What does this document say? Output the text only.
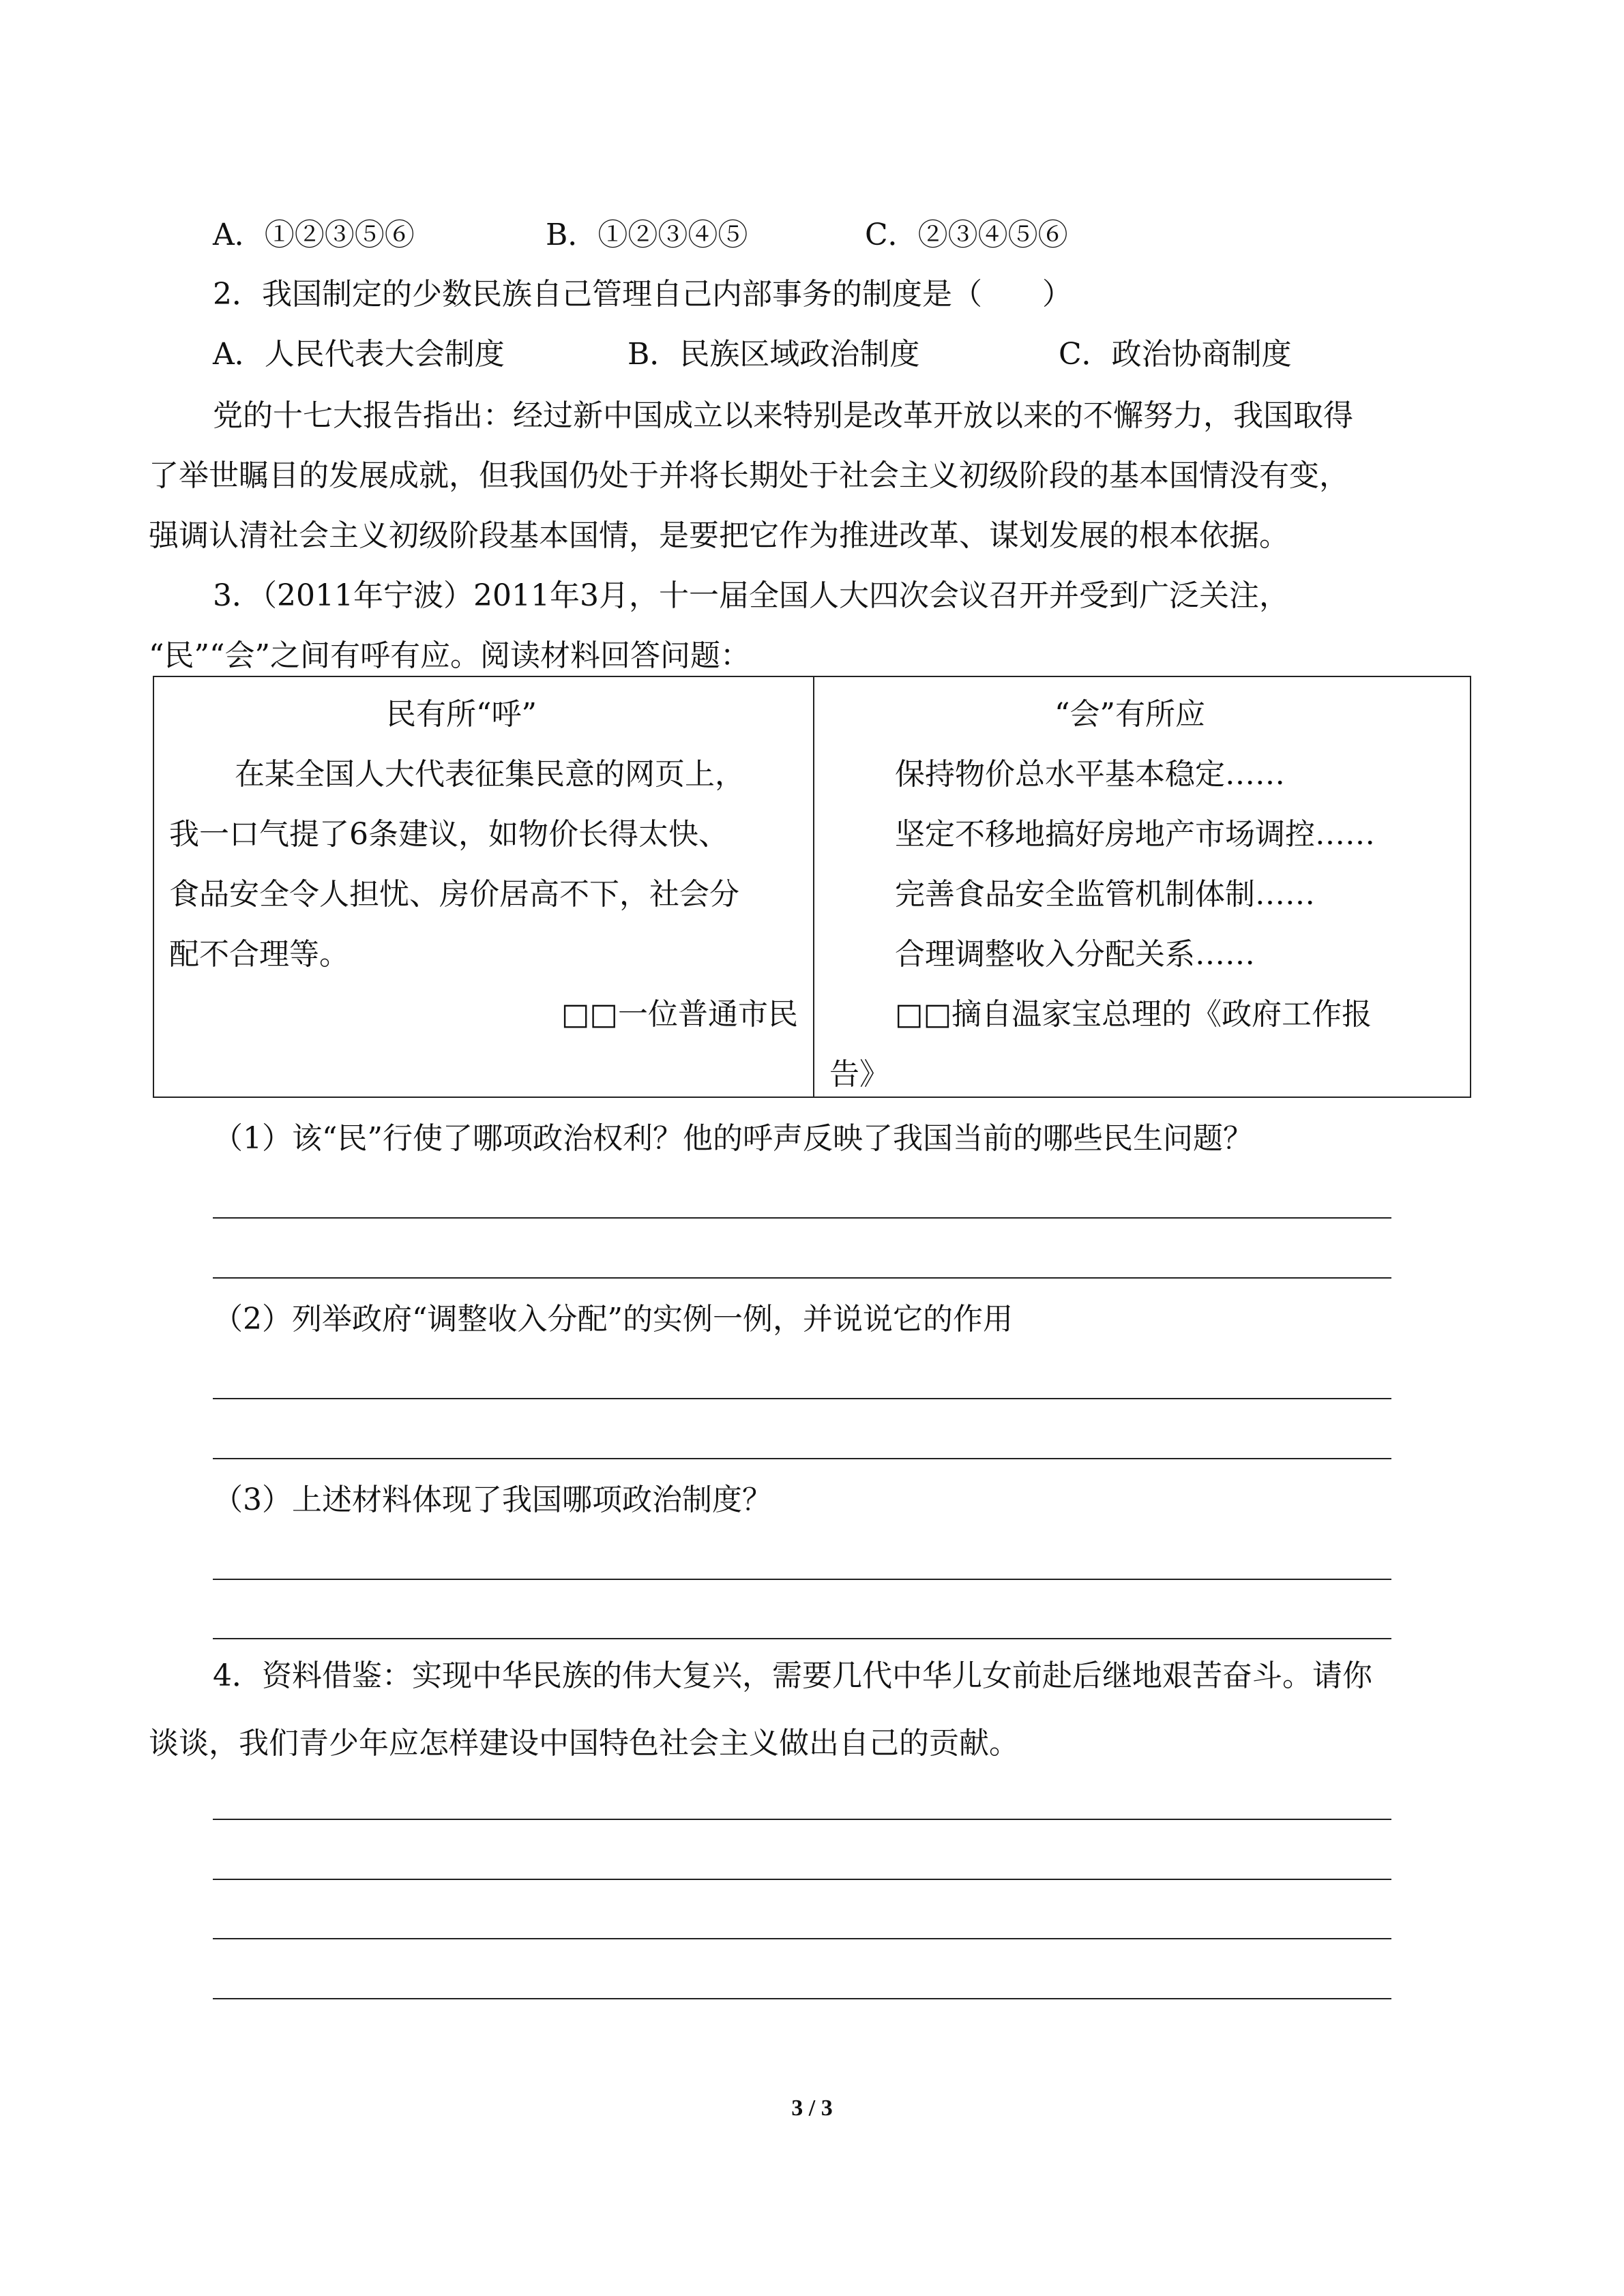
A．①②③⑤⑥	B．①②③④⑤	C．②③④⑤⑥
2．我国制定的少数民族自己管理自己内部事务的制度是（　　）
A．人民代表大会制度	B．民族区域政治制度	C．政治协商制度
党的十七大报告指出：经过新中国成立以来特别是改革开放以来的不懈努力，我国取得
了举世瞩目的发展成就，但我国仍处于并将长期处于社会主义初级阶段的基本国情没有变，
强调认清社会主义初级阶段基本国情，是要把它作为推进改革、谋划发展的根本依据。
3．（2011年宁波）2011年3月，十一届全国人大四次会议召开并受到广泛关注，
“民”“会”之间有呼有应。阅读材料回答问题：
民有所“呼”
在某全国人大代表征集民意的网页上，
我一口气提了6条建议，如物价长得太快、
食品安全令人担忧、房价居高不下，社会分
配不合理等。
□□一位普通市民

“会”有所应
保持物价总水平基本稳定……
坚定不移地搞好房地产市场调控……
完善食品安全监管机制体制……
合理调整收入分配关系……
□□摘自温家宝总理的《政府工作报
告》
（1）该“民”行使了哪项政治权利？他的呼声反映了我国当前的哪些民生问题？
（2）列举政府“调整收入分配”的实例一例，并说说它的作用
（3）上述材料体现了我国哪项政治制度？
4．资料借鉴：实现中华民族的伟大复兴，需要几代中华儿女前赴后继地艰苦奋斗。请你
谈谈，我们青少年应怎样建设中国特色社会主义做出自己的贡献。
3 / 3
